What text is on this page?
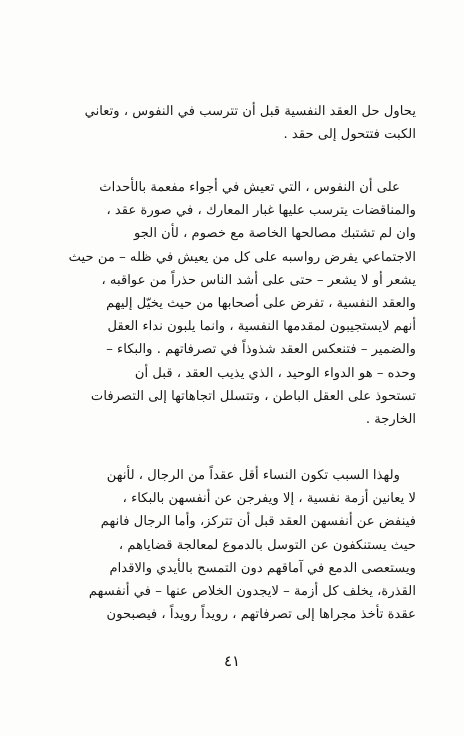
يحاول حل العقد النفسية قبل أن تترسب في النفوس ، وتعاني
الكبت فتتحول إلى حقد .
على أن النفوس ، التي تعيش في أجواء مفعمة بالأحداث
والمناقضات يترسب عليها غبار المعارك ، في صورة عقد ،
وان لم تشتبك مصالحها الخاصة مع خصوم ، لأن الجو
الاجتماعي يفرض رواسبه على كل من يعيش في ظله – من حيث
يشعر أو لا يشعر – حتى على أشد الناس حذراً من عواقبه ،
والعقد النفسية ، تفرض على أصحابها من حيث يخيّل إليهم
أنهم لايستجيبون لمقدمها النفسية ، وانما يلبون نداء العقل
والضمير – فتنعكس العقد شذوذاً في تصرفاتهم . والبكاء –
وحده – هو الدواء الوحيد ، الذي يذيب العقد ، قبل أن
تستحوذ على العقل الباطن ، وتتسلل اتجاهاتها إلى التصرفات
الخارجة .
ولهذا السبب تكون النساء أقل عقداً من الرجال ، لأنهن
لا يعانين أزمة نفسية ، إلا ويفرجن عن أنفسهن بالبكاء ،
فينفض عن أنفسهن العقد قبل أن تتركز، وأما الرجال فانهم
حيث يستنكفون عن التوسل بالدموع لمعالجة قضاياهم ،
ويستعصى الدمع في آماقهم دون التمسح بالأيدي والاقدام
القذرة، يخلف كل أزمة – لايجدون الخلاص عنها – في أنفسهم
عقدة تأخذ مجراها إلى تصرفاتهم ، رويداً رويداً ، فيصبحون
٤١
